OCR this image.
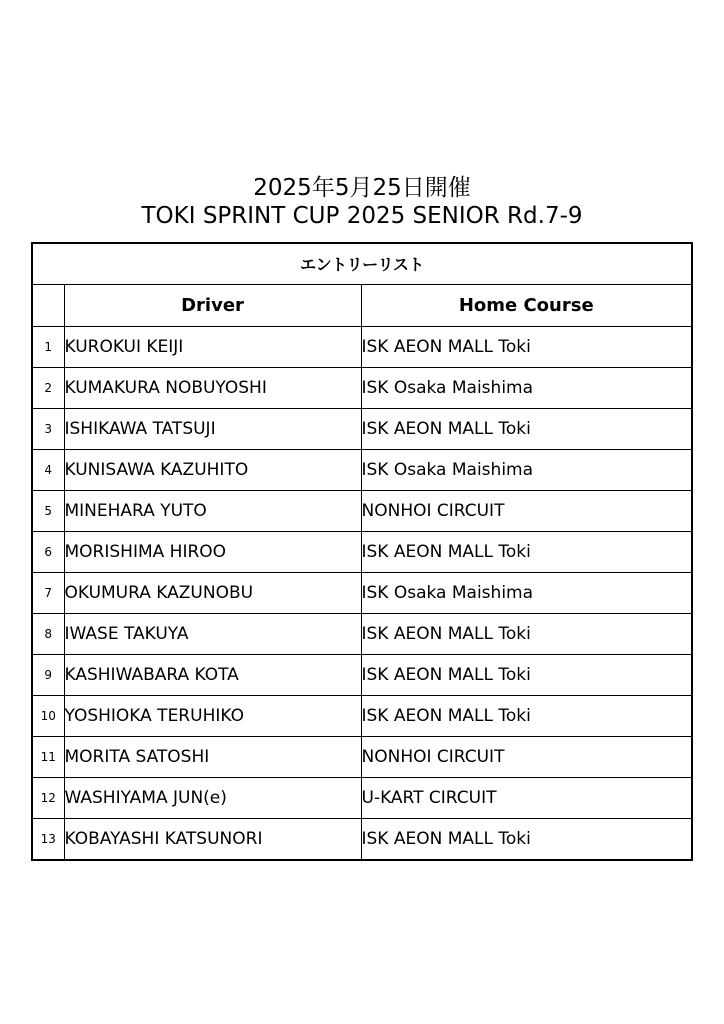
2025年5月25日開催
TOKI SPRINT CUP 2025 SENIOR Rd.7-9
エントリーリスト
	Driver	Home Course
1	KUROKUI KEIJI	ISK AEON MALL Toki
2	KUMAKURA NOBUYOSHI	ISK Osaka Maishima
3	ISHIKAWA TATSUJI	ISK AEON MALL Toki
4	KUNISAWA KAZUHITO	ISK Osaka Maishima
5	MINEHARA YUTO	NONHOI CIRCUIT
6	MORISHIMA HIROO	ISK AEON MALL Toki
7	OKUMURA KAZUNOBU	ISK Osaka Maishima
8	IWASE TAKUYA	ISK AEON MALL Toki
9	KASHIWABARA KOTA	ISK AEON MALL Toki
10	YOSHIOKA TERUHIKO	ISK AEON MALL Toki
11	MORITA SATOSHI	NONHOI CIRCUIT
12	WASHIYAMA JUN(e)	U-KART CIRCUIT
13	KOBAYASHI KATSUNORI	ISK AEON MALL Toki
